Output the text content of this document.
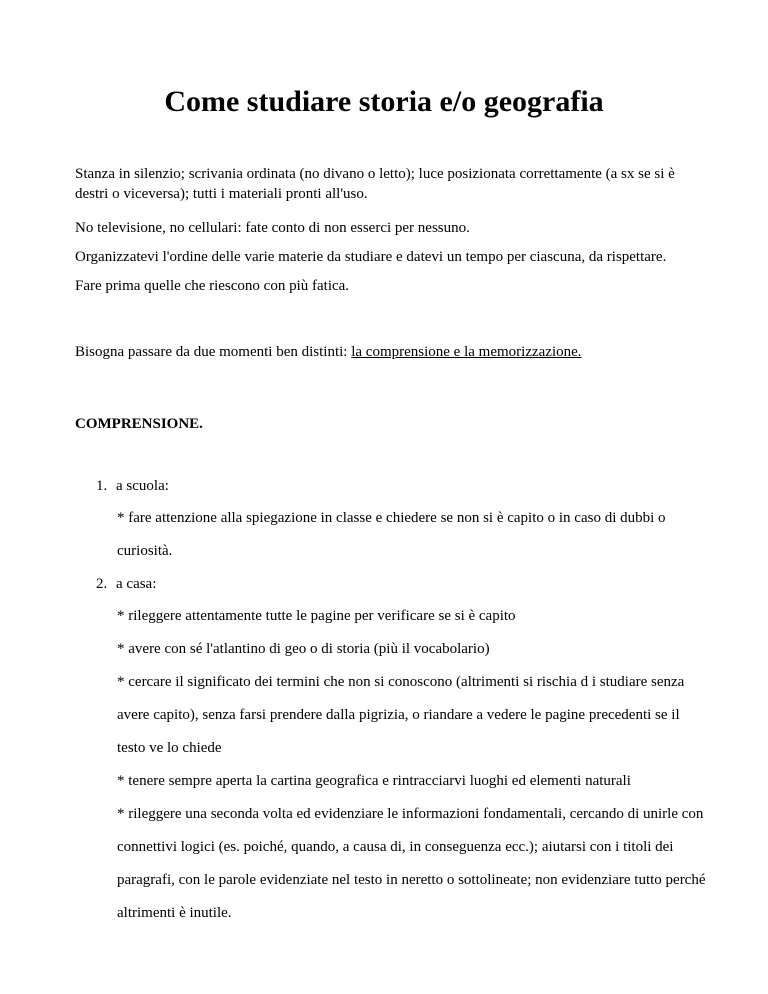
Come studiare storia e/o geografia

Stanza in silenzio; scrivania ordinata (no divano o letto); luce posizionata correttamente (a sx se si è destri o viceversa); tutti i materiali pronti all'uso.

No televisione, no cellulari: fate conto di non esserci per nessuno.

Organizzatevi l'ordine delle varie materie da studiare e datevi un tempo per ciascuna, da rispettare.

Fare prima quelle che riescono con più fatica.

Bisogna passare da due momenti ben distinti: la comprensione e la memorizzazione.

COMPRENSIONE.

1. a scuola:

* fare attenzione alla spiegazione in classe e chiedere se non si è capito o in caso di dubbi o curiosità.

2. a casa:

* rileggere attentamente tutte le pagine per verificare se si è capito

* avere con sé l'atlantino di geo o di storia (più il vocabolario)

* cercare il significato dei termini che non si conoscono (altrimenti si rischia d i studiare senza avere capito), senza farsi prendere dalla pigrizia, o riandare a vedere le pagine precedenti se il testo ve lo chiede

* tenere sempre aperta la cartina geografica e rintracciarvi luoghi ed elementi naturali

* rileggere una seconda volta ed evidenziare le informazioni fondamentali, cercando di unirle con connettivi logici (es. poiché, quando, a causa di, in conseguenza ecc.); aiutarsi con i titoli dei paragrafi, con le parole evidenziate nel testo in neretto o sottolineate; non evidenziare tutto perché altrimenti è inutile.
